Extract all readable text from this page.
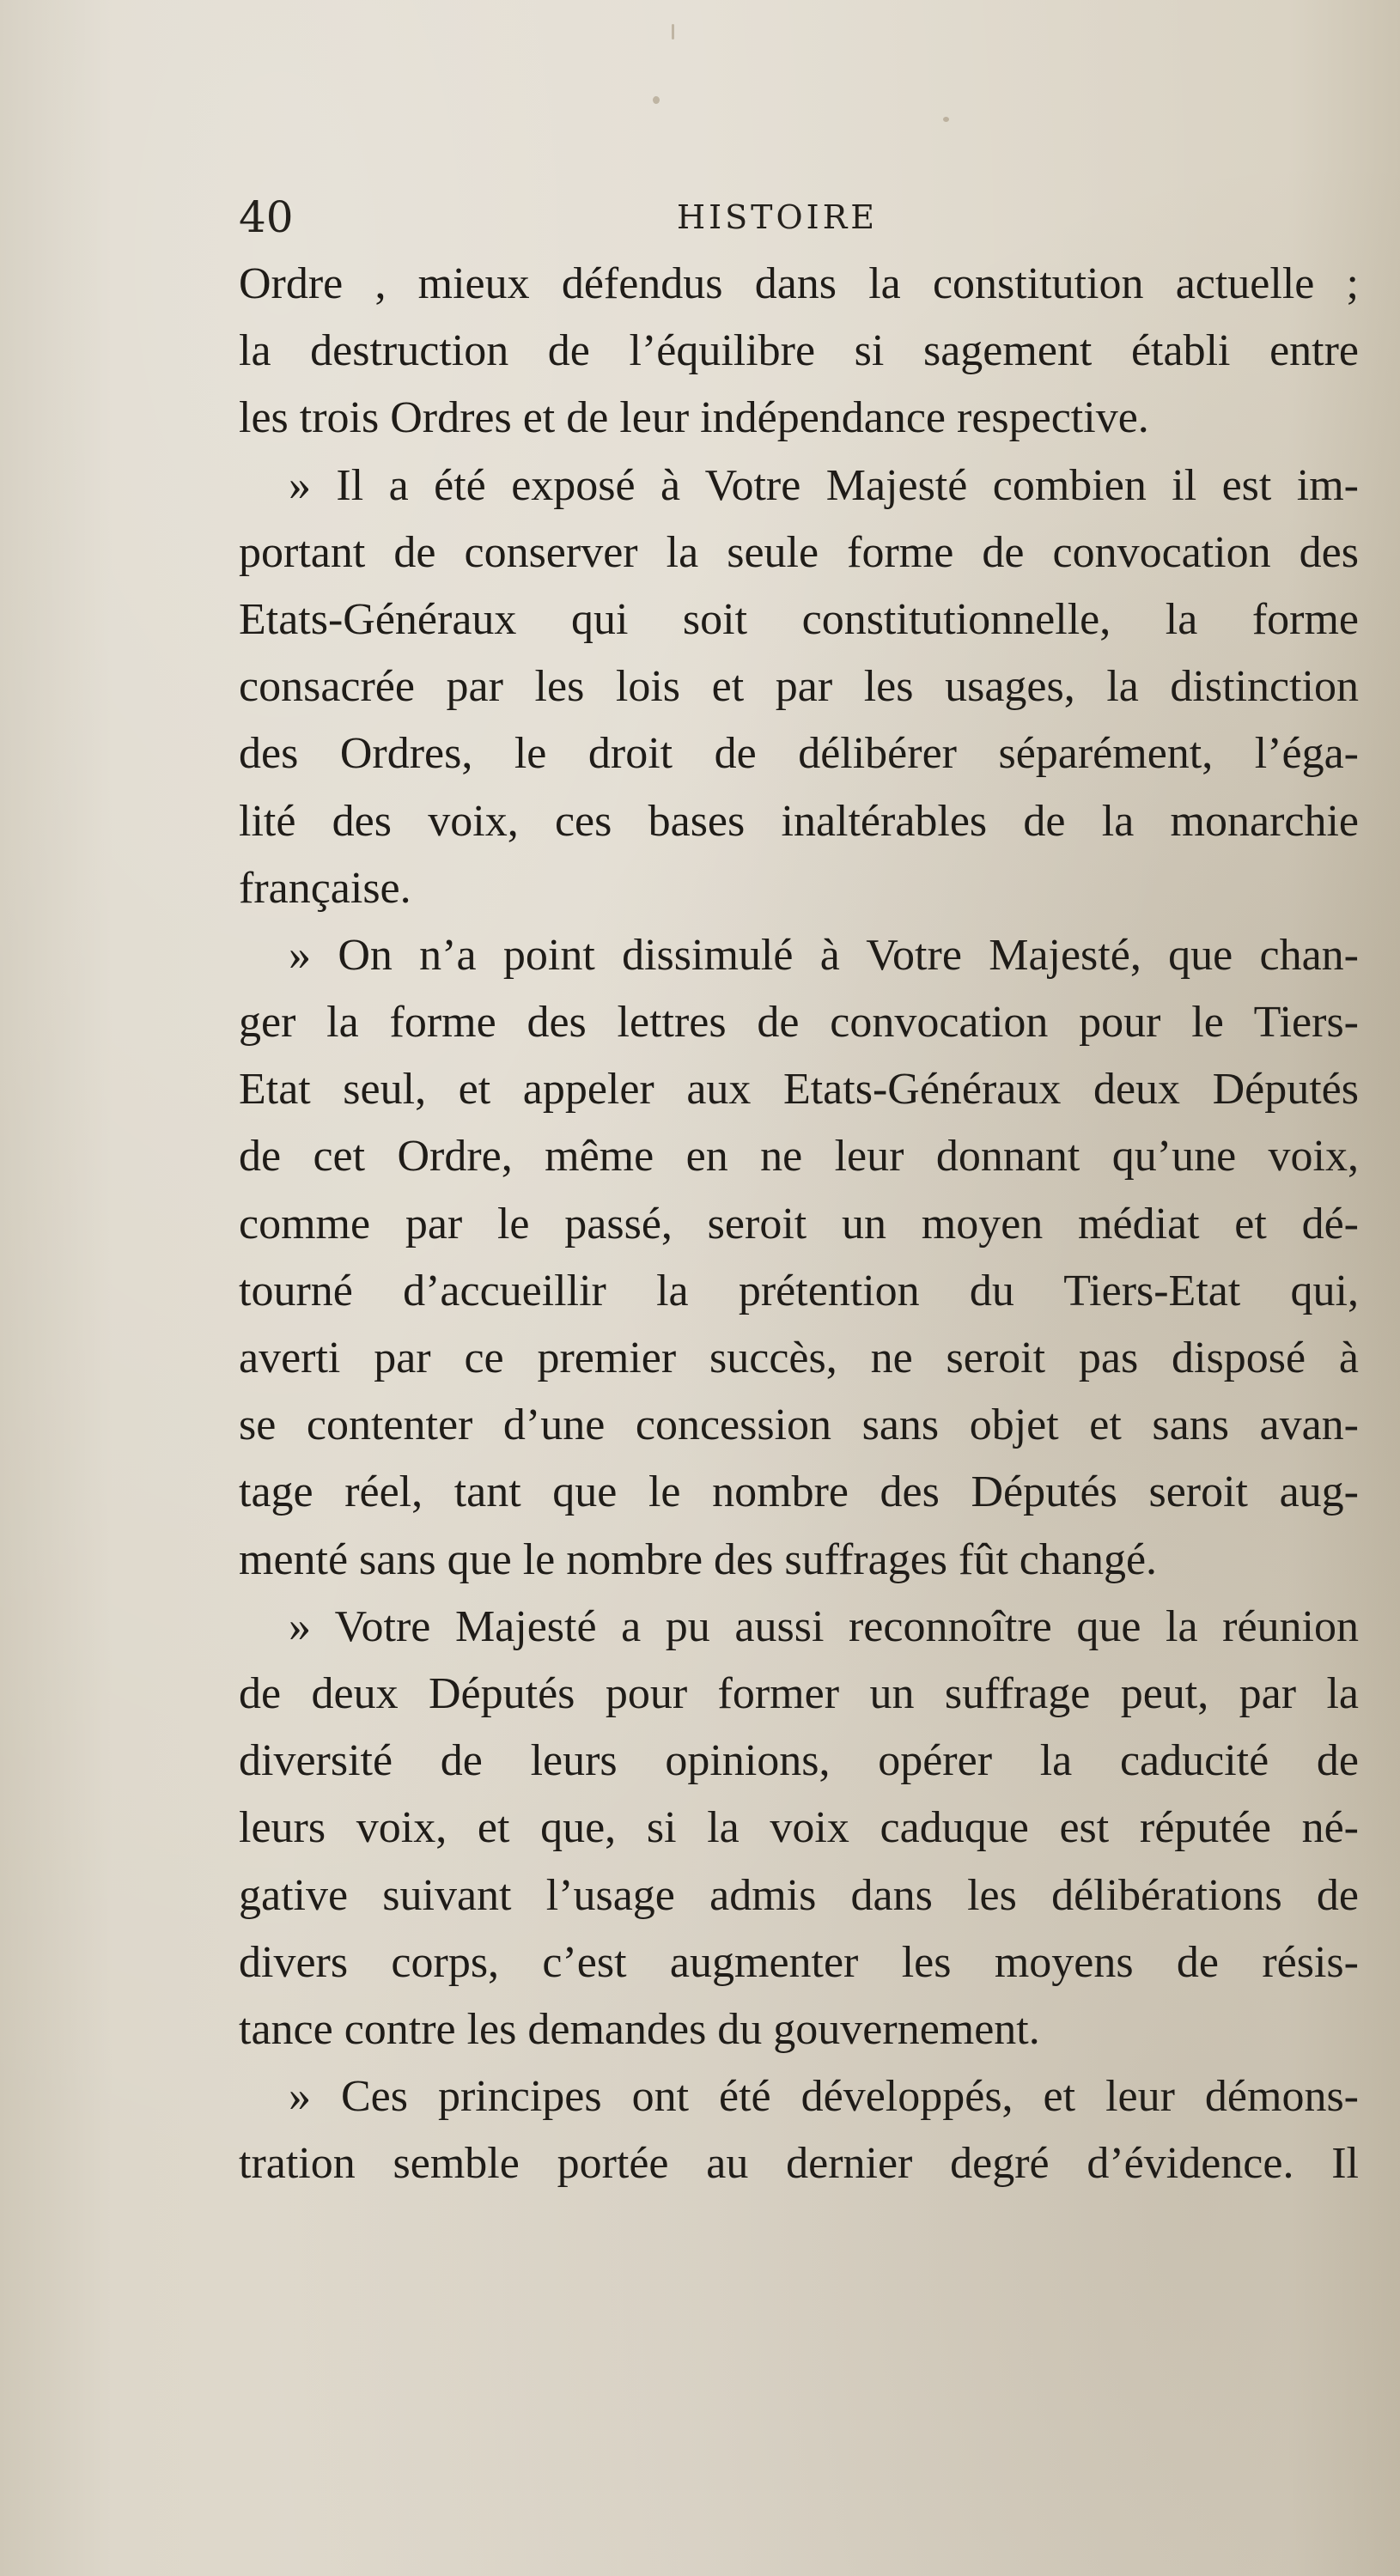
40	HISTOIRE
Ordre , mieux défendus dans la constitution actuelle ;
la destruction de l’équilibre si sagement établi entre
les trois Ordres et de leur indépendance respective.
» Il a été exposé à Votre Majesté combien il est im-
portant de conserver la seule forme de convocation des
Etats-Généraux qui soit constitutionnelle, la forme
consacrée par les lois et par les usages, la distinction
des Ordres, le droit de délibérer séparément, l’éga-
lité des voix, ces bases inaltérables de la monarchie
française.
» On n’a point dissimulé à Votre Majesté, que chan-
ger la forme des lettres de convocation pour le Tiers-
Etat seul, et appeler aux Etats-Généraux deux Députés
de cet Ordre, même en ne leur donnant qu’une voix,
comme par le passé, seroit un moyen médiat et dé-
tourné d’accueillir la prétention du Tiers-Etat qui,
averti par ce premier succès, ne seroit pas disposé à
se contenter d’une concession sans objet et sans avan-
tage réel, tant que le nombre des Députés seroit aug-
menté sans que le nombre des suffrages fût changé.
» Votre Majesté a pu aussi reconnoître que la réunion
de deux Députés pour former un suffrage peut, par la
diversité de leurs opinions, opérer la caducité de
leurs voix, et que, si la voix caduque est réputée né-
gative suivant l’usage admis dans les délibérations de
divers corps, c’est augmenter les moyens de résis-
tance contre les demandes du gouvernement.
» Ces principes ont été développés, et leur démons-
tration semble portée au dernier degré d’évidence. Il
